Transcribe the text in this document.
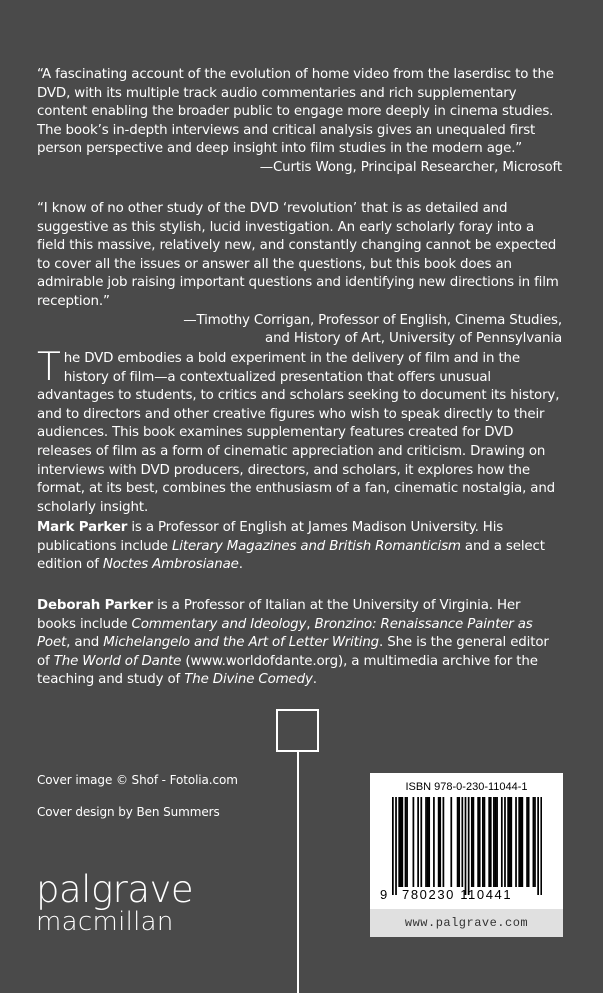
“A fascinating account of the evolution of home video from the laserdisc to the DVD, with its multiple track audio commentaries and rich supplementary content enabling the broader public to engage more deeply in cinema studies. The book’s in-depth interviews and critical analysis gives an unequaled first person perspective and deep insight into film studies in the modern age.”

—Curtis Wong, Principal Researcher, Microsoft

“I know of no other study of the DVD ‘revolution’ that is as detailed and suggestive as this stylish, lucid investigation. An early scholarly foray into a field this massive, relatively new, and constantly changing cannot be expected to cover all the issues or answer all the questions, but this book does an admirable job raising important questions and identifying new directions in film reception.”

—Timothy Corrigan, Professor of English, Cinema Studies,

and History of Art, University of Pennsylvania

The DVD embodies a bold experiment in the delivery of film and in the history of film—a contextualized presentation that offers unusual advantages to students, to critics and scholars seeking to document its history, and to directors and other creative figures who wish to speak directly to their audiences. This book examines supplementary features created for DVD releases of film as a form of cinematic appreciation and criticism. Drawing on interviews with DVD producers, directors, and scholars, it explores how the format, at its best, combines the enthusiasm of a fan, cinematic nostalgia, and scholarly insight.

Mark Parker is a Professor of English at James Madison University. His publications include Literary Magazines and British Romanticism and a select edition of Noctes Ambrosianae.

Deborah Parker is a Professor of Italian at the University of Virginia. Her books include Commentary and Ideology, Bronzino: Renaissance Painter as Poet, and Michelangelo and the Art of Letter Writing. She is the general editor of The World of Dante (www.worldofdante.org), a multimedia archive for the teaching and study of The Divine Comedy.

Cover image © Shof - Fotolia.com
Cover design by Ben Summers
palgrave
macmillan
ISBN 978-0-230-11044-1
9 780230 110441
www.palgrave.com
